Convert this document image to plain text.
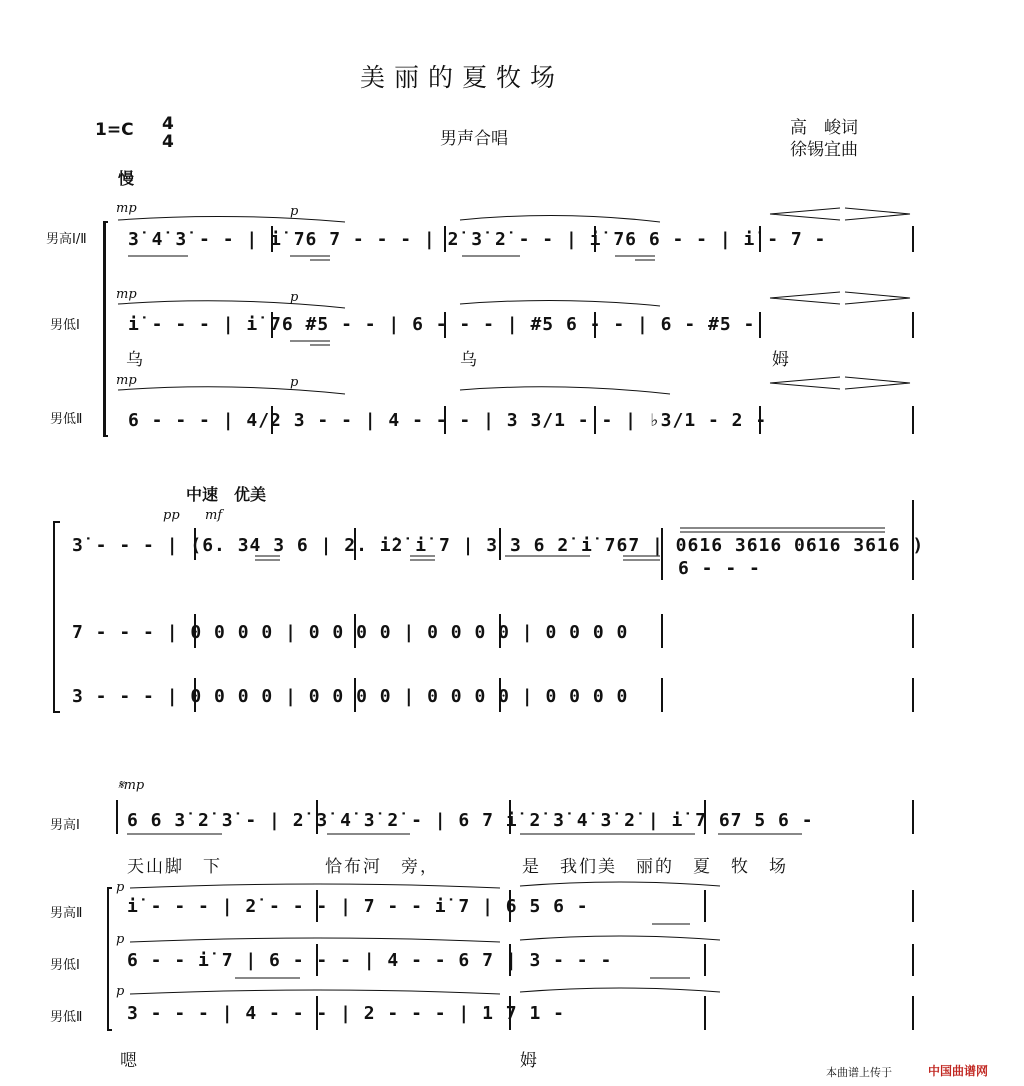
美丽的夏牧场
1=C 4
4	男声合唱
高　峻词
徐锡宜曲
慢
mp	p
mp	p
mp	p
男高Ⅰ/Ⅱ
男低Ⅰ
男低Ⅱ
3̇ 4̇ 3̇ - - | i̇ 76 7 - - - | 2̇ 3̇ 2̇ - - | i̇ 76 6 - - | i̇ - 7 -
i̇ - - - | i̇ 76 #5 - - | 6 - - - | #5 6 - - | 6 - #5 -
6 - - - | 4/2 3 - - | 4 - - - | 3 3/1 - - | ♭3/1 - 2 -
乌	乌	姆
中速　优美
pp mf
3̇ - - - | (6. 34 3 6 | 2. i̇2̇ i̇ 7 | 3 3 6 2̇ i̇ 767 | 0616 3616 0616 3616 )
6 - - -
7 - - - | 0 0 0 0 | 0 0 0 0 | 0 0 0 0 | 0 0 0 0
3 - - - | 0 0 0 0 | 0 0 0 0 | 0 0 0 0 | 0 0 0 0
𝄋mp
男高Ⅰ
男高Ⅱ
男低Ⅰ
男低Ⅱ
6 6 3̇ 2̇ 3̇ - | 2̇ 3̇ 4̇ 3̇ 2̇ - | 6 7 i̇ 2̇ 3̇ 4̇ 3̇ 2̇ | i̇ 7 67 5 6 -
天山脚　下	恰布河　旁，	是　我们美　丽的　夏　牧　场
p
p
p
i̇ - - - | 2̇ - - - | 7 - - i̇ 7 | 6 5 6 -
6 - - i̇ 7 | 6 - - - | 4 - - 6 7 | 3 - - -
3 - - - | 4 - - - | 2 - - - | 1 7 1 -
嗯	姆
本曲谱上传于	中国曲谱网
